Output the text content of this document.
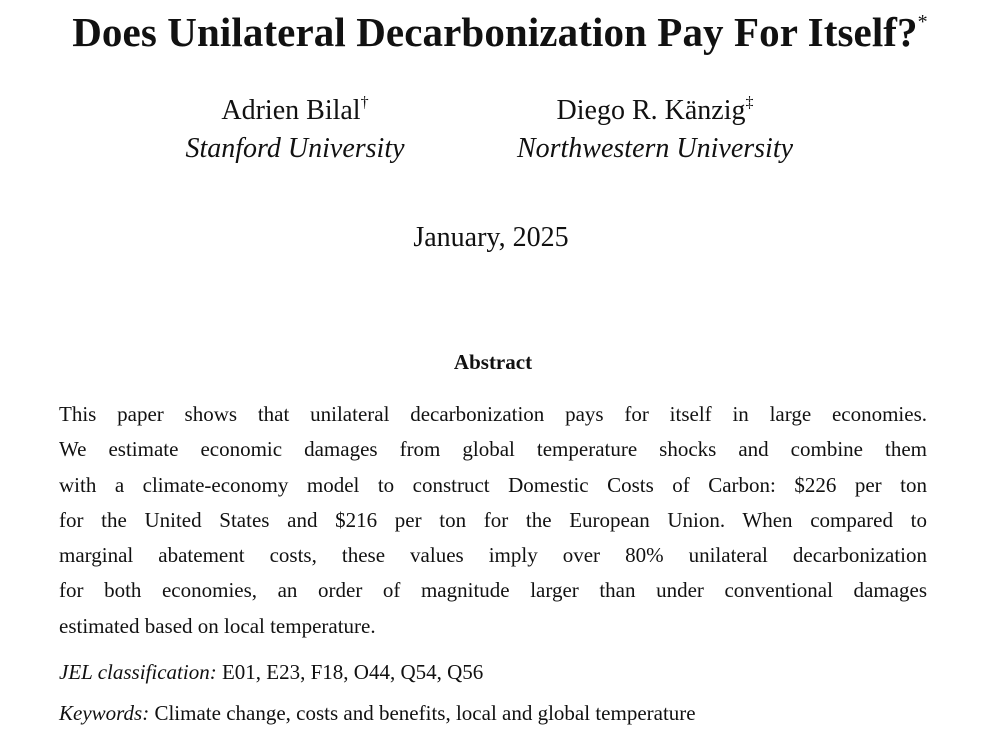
Does Unilateral Decarbonization Pay For Itself?*
Adrien Bilal†
Stanford University
Diego R. Känzig‡
Northwestern University
January, 2025
Abstract
This paper shows that unilateral decarbonization pays for itself in large economies.
We estimate economic damages from global temperature shocks and combine them
with a climate-economy model to construct Domestic Costs of Carbon: $226 per ton
for the United States and $216 per ton for the European Union. When compared to
marginal abatement costs, these values imply over 80% unilateral decarbonization
for both economies, an order of magnitude larger than under conventional damages
estimated based on local temperature.
JEL classification: E01, E23, F18, O44, Q54, Q56
Keywords: Climate change, costs and benefits, local and global temperature
